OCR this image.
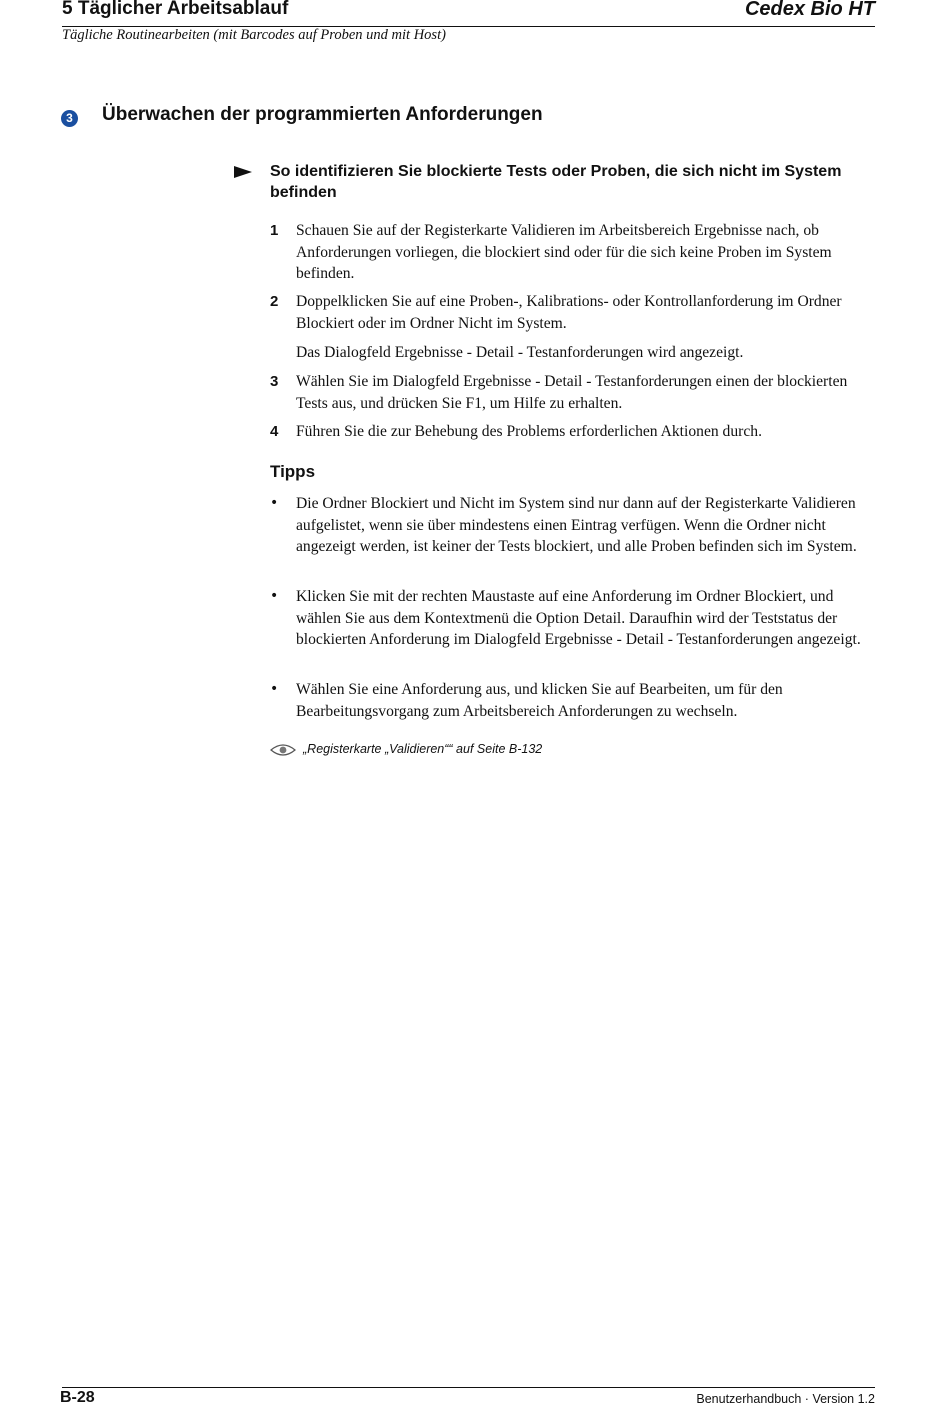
5 Täglicher Arbeitsablauf	Cedex Bio HT
Tägliche Routinearbeiten (mit Barcodes auf Proben und mit Host)
3 Überwachen der programmierten Anforderungen
So identifizieren Sie blockierte Tests oder Proben, die sich nicht im System befinden
1 Schauen Sie auf der Registerkarte Validieren im Arbeitsbereich Ergebnisse nach, ob Anforderungen vorliegen, die blockiert sind oder für die sich keine Proben im System befinden.
2 Doppelklicken Sie auf eine Proben-, Kalibrations- oder Kontrollanforderung im Ordner Blockiert oder im Ordner Nicht im System.
Das Dialogfeld Ergebnisse - Detail - Testanforderungen wird angezeigt.
3 Wählen Sie im Dialogfeld Ergebnisse - Detail - Testanforderungen einen der blockierten Tests aus, und drücken Sie F1, um Hilfe zu erhalten.
4 Führen Sie die zur Behebung des Problems erforderlichen Aktionen durch.
Tipps
• Die Ordner Blockiert und Nicht im System sind nur dann auf der Registerkarte Validieren aufgelistet, wenn sie über mindestens einen Eintrag verfügen. Wenn die Ordner nicht angezeigt werden, ist keiner der Tests blockiert, und alle Proben befinden sich im System.
• Klicken Sie mit der rechten Maustaste auf eine Anforderung im Ordner Blockiert, und wählen Sie aus dem Kontextmenü die Option Detail. Daraufhin wird der Teststatus der blockierten Anforderung im Dialogfeld Ergebnisse - Detail - Testanforderungen angezeigt.
• Wählen Sie eine Anforderung aus, und klicken Sie auf Bearbeiten, um für den Bearbeitungsvorgang zum Arbeitsbereich Anforderungen zu wechseln.
„Registerkarte „Validieren““ auf Seite B-132
B-28	Benutzerhandbuch · Version 1.2
